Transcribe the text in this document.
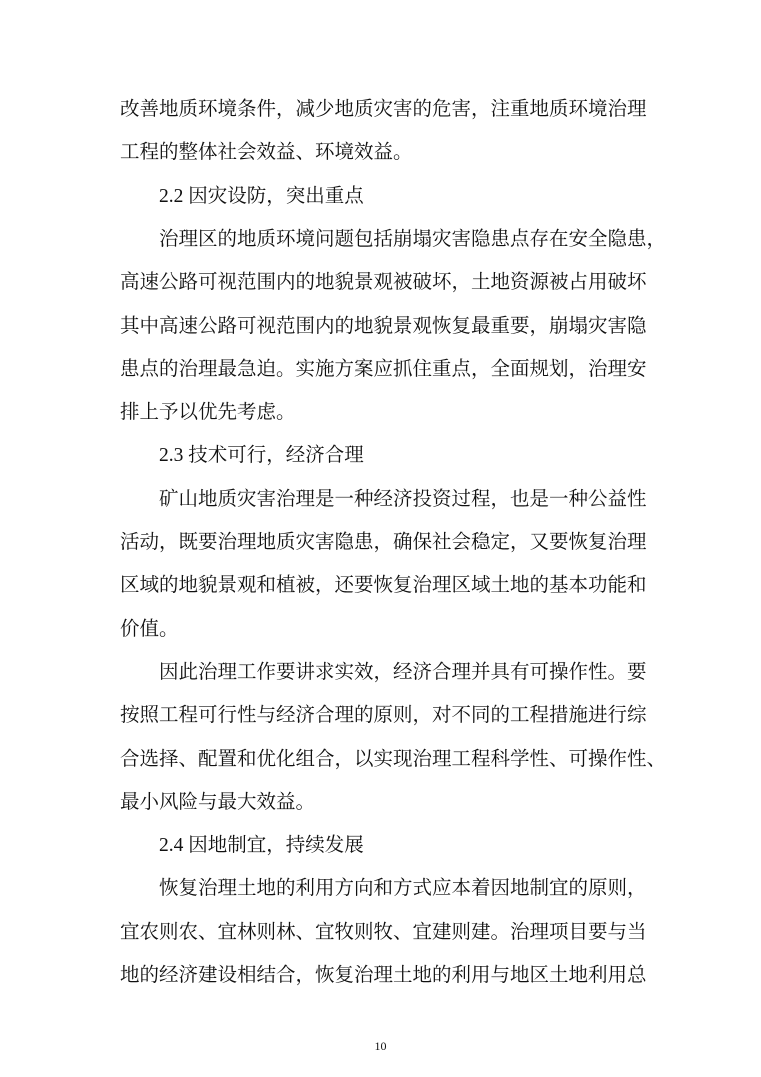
改善地质环境条件，减少地质灾害的危害，注重地质环境治理
工程的整体社会效益、环境效益。
2.2 因灾设防，突出重点
治理区的地质环境问题包括崩塌灾害隐患点存在安全隐患，
高速公路可视范围内的地貌景观被破坏，土地资源被占用破坏
其中高速公路可视范围内的地貌景观恢复最重要，崩塌灾害隐
患点的治理最急迫。实施方案应抓住重点，全面规划，治理安
排上予以优先考虑。
2.3 技术可行，经济合理
矿山地质灾害治理是一种经济投资过程，也是一种公益性
活动，既要治理地质灾害隐患，确保社会稳定，又要恢复治理
区域的地貌景观和植被，还要恢复治理区域土地的基本功能和
价值。
因此治理工作要讲求实效，经济合理并具有可操作性。要
按照工程可行性与经济合理的原则，对不同的工程措施进行综
合选择、配置和优化组合，以实现治理工程科学性、可操作性、
最小风险与最大效益。
2.4 因地制宜，持续发展
恢复治理土地的利用方向和方式应本着因地制宜的原则，
宜农则农、宜林则林、宜牧则牧、宜建则建。治理项目要与当
地的经济建设相结合，恢复治理土地的利用与地区土地利用总
10
